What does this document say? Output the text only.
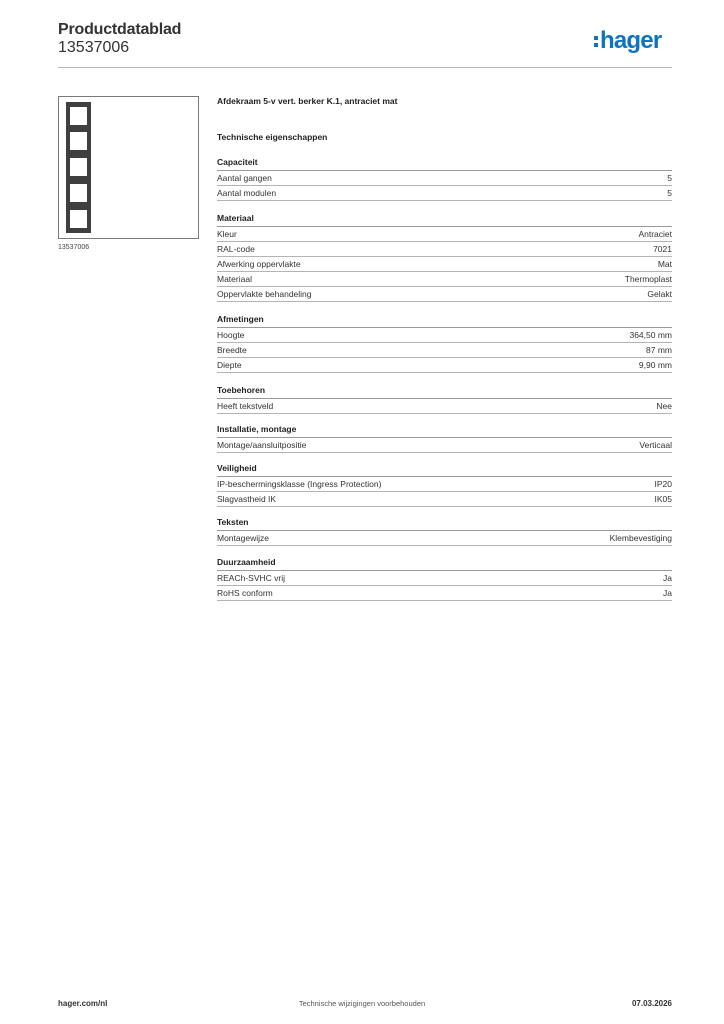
Productdatablad
13537006	hager
13537006
Afdekraam 5-v vert. berker K.1, antraciet mat
Technische eigenschappen
Capaciteit
Aantal gangen	5
Aantal modulen	5
Materiaal
Kleur	Antraciet
RAL-code	7021
Afwerking oppervlakte	Mat
Materiaal	Thermoplast
Oppervlakte behandeling	Gelakt
Afmetingen
Hoogte	364,50 mm
Breedte	87 mm
Diepte	9,90 mm
Toebehoren
Heeft tekstveld	Nee
Installatie, montage
Montage/aansluitpositie	Verticaal
Veiligheid
IP-beschermingsklasse (Ingress Protection)	IP20
Slagvastheid IK	IK05
Teksten
Montagewijze	Klembevestiging
Duurzaamheid
REACh-SVHC vrij	Ja
RoHS conform	Ja
hager.com/nl	Technische wijzigingen voorbehouden	07.03.2026
